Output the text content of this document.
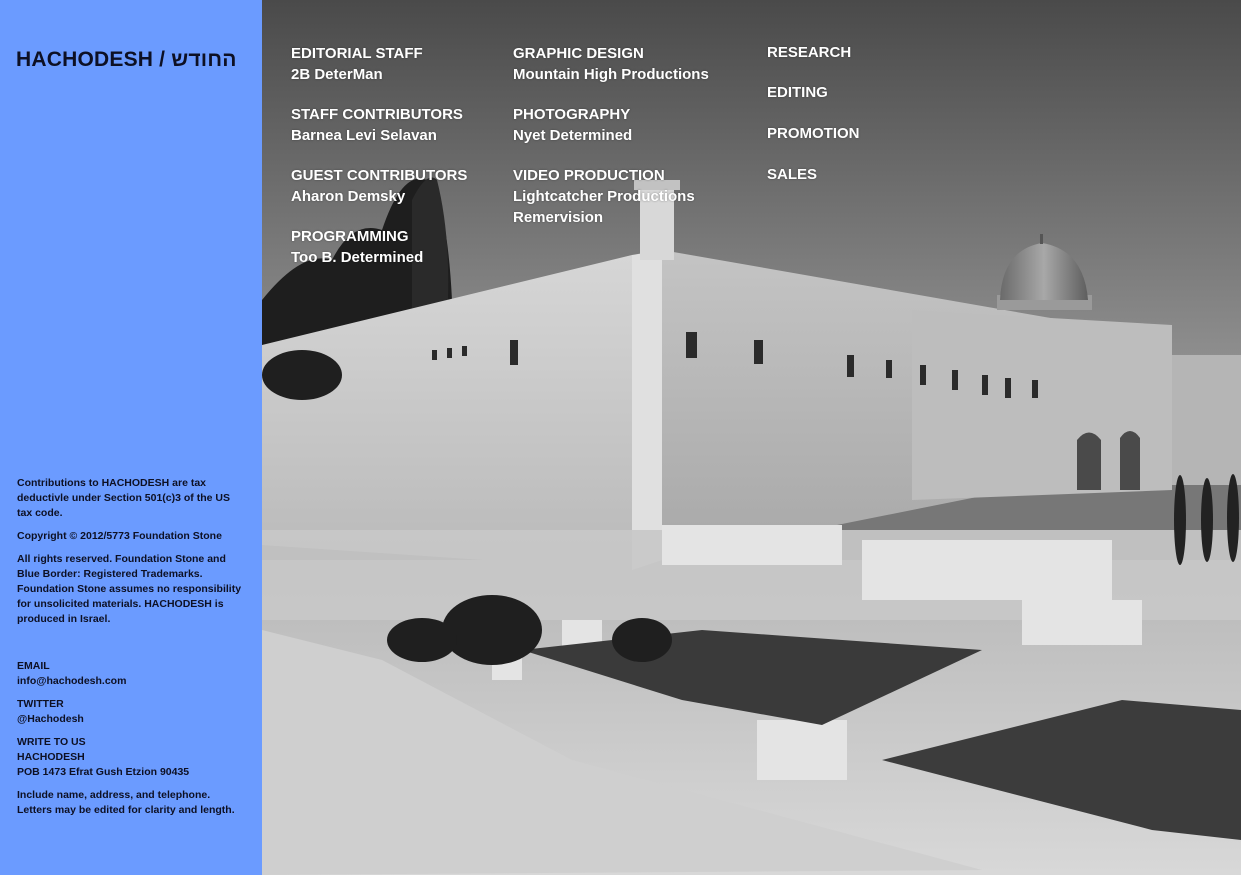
HACHODESH / החודש

Contributions to HACHODESH are tax deductivle under Section 501(c)3 of the US tax code.

Copyright © 2012/5773 Foundation Stone

All rights reserved. Foundation Stone and Blue Border: Registered Trademarks. Foundation Stone assumes no responsibility for unsolicited materials. HACHODESH is produced in Israel.

EMAIL
info@hachodesh.com
TWITTER
@Hachodesh
WRITE TO US
HACHODESH
POB 1473 Efrat Gush Etzion 90435
Include name, address, and telephone. Letters may be edited for clarity and length.
EDITORIAL STAFF
2B DeterMan
STAFF CONTRIBUTORS
Barnea Levi Selavan
GUEST CONTRIBUTORS
Aharon Demsky
PROGRAMMING
Too B. Determined
GRAPHIC DESIGN
Mountain High Productions
PHOTOGRAPHY
Nyet Determined
VIDEO PRODUCTION
Lightcatcher Productions
Remervision
RESEARCH
EDITING
PROMOTION
SALES
